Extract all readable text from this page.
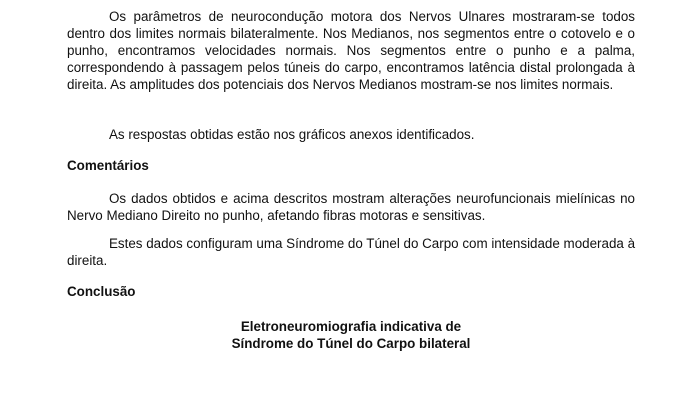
Os parâmetros de neurocondução motora dos Nervos Ulnares mostraram-se todos dentro dos limites normais bilateralmente. Nos Medianos, nos segmentos entre o cotovelo e o punho, encontramos velocidades normais. Nos segmentos entre o punho e a palma, correspondendo à passagem pelos túneis do carpo, encontramos latência distal prolongada à direita. As amplitudes dos potenciais dos Nervos Medianos mostram-se nos limites normais.

As respostas obtidas estão nos gráficos anexos identificados.

Comentários

Os dados obtidos e acima descritos mostram alterações neurofuncionais mielínicas no Nervo Mediano Direito no punho, afetando fibras motoras e sensitivas.

Estes dados configuram uma Síndrome do Túnel do Carpo com intensidade moderada à direita.

Conclusão

Eletroneuromiografia indicativa de
Síndrome do Túnel do Carpo bilateral
